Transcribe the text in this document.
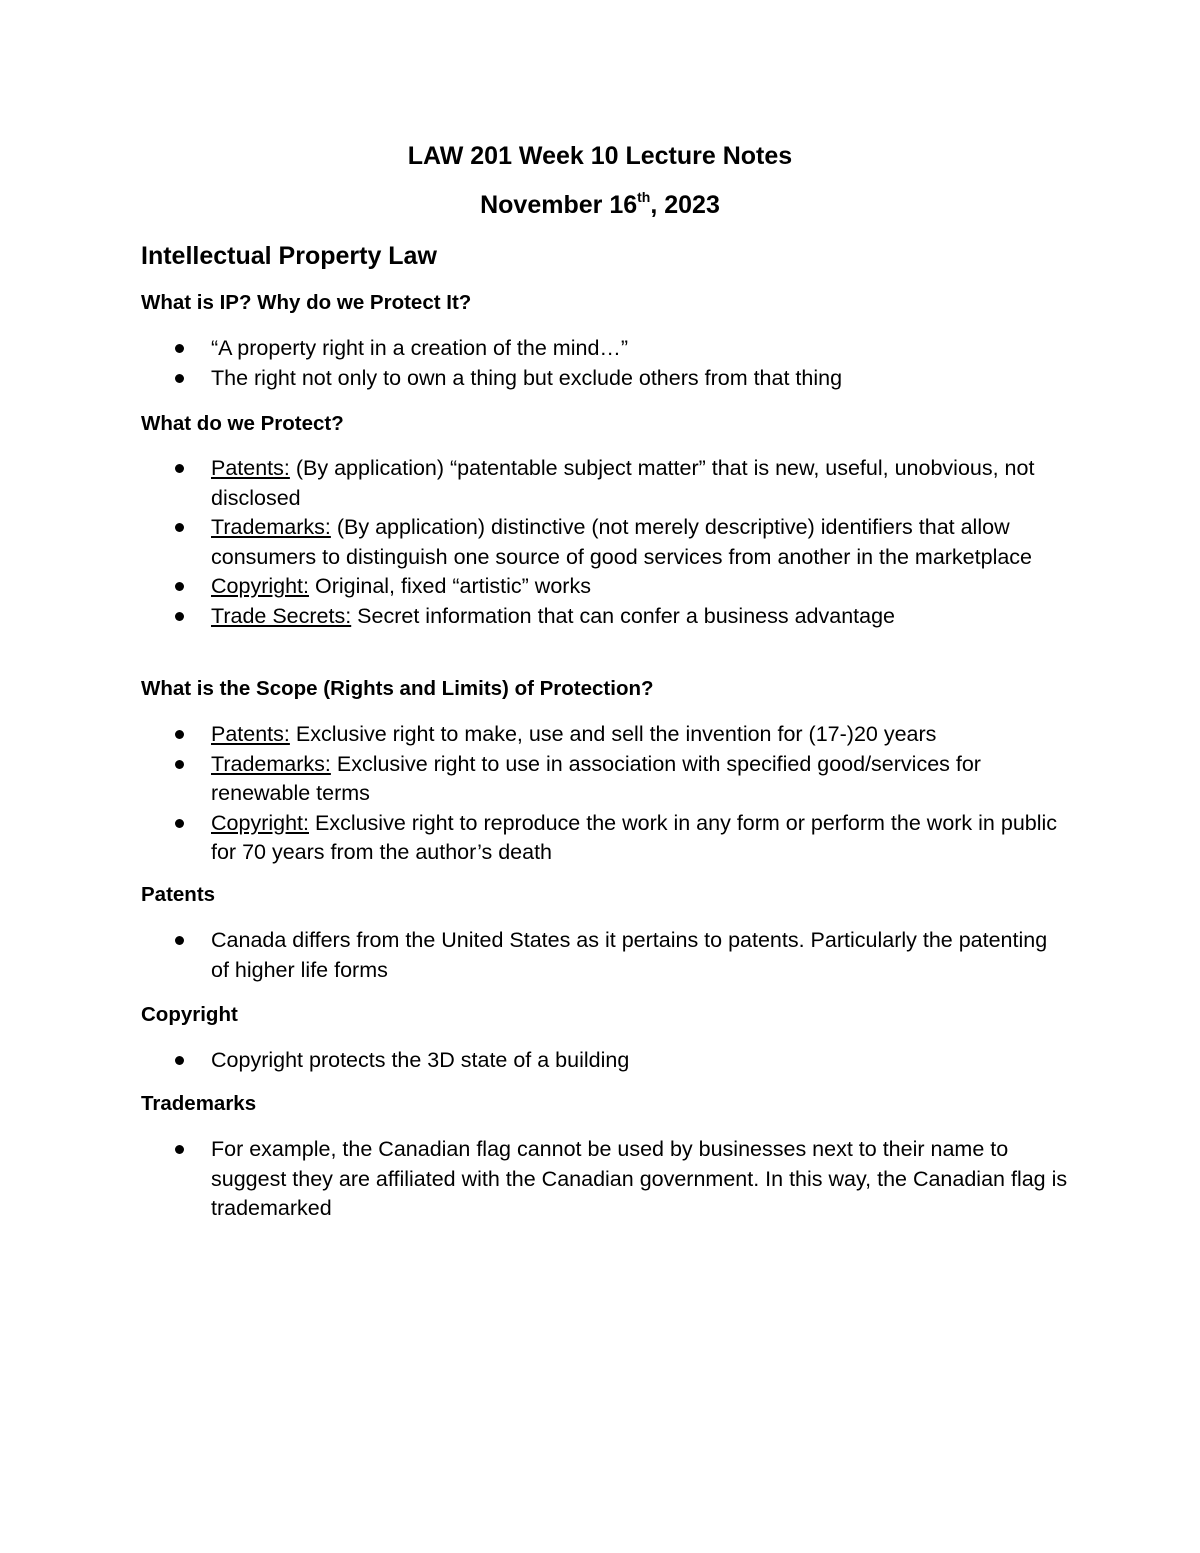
LAW 201 Week 10 Lecture Notes
November 16th, 2023
Intellectual Property Law
What is IP? Why do we Protect It?
“A property right in a creation of the mind…”
The right not only to own a thing but exclude others from that thing
What do we Protect?
Patents: (By application) “patentable subject matter” that is new, useful, unobvious, not disclosed
Trademarks: (By application) distinctive (not merely descriptive) identifiers that allow consumers to distinguish one source of good services from another in the marketplace
Copyright: Original, fixed “artistic” works
Trade Secrets: Secret information that can confer a business advantage
What is the Scope (Rights and Limits) of Protection?
Patents: Exclusive right to make, use and sell the invention for (17-)20 years
Trademarks: Exclusive right to use in association with specified good/services for renewable terms
Copyright: Exclusive right to reproduce the work in any form or perform the work in public for 70 years from the author’s death
Patents
Canada differs from the United States as it pertains to patents. Particularly the patenting of higher life forms
Copyright
Copyright protects the 3D state of a building
Trademarks
For example, the Canadian flag cannot be used by businesses next to their name to suggest they are affiliated with the Canadian government. In this way, the Canadian flag is trademarked
